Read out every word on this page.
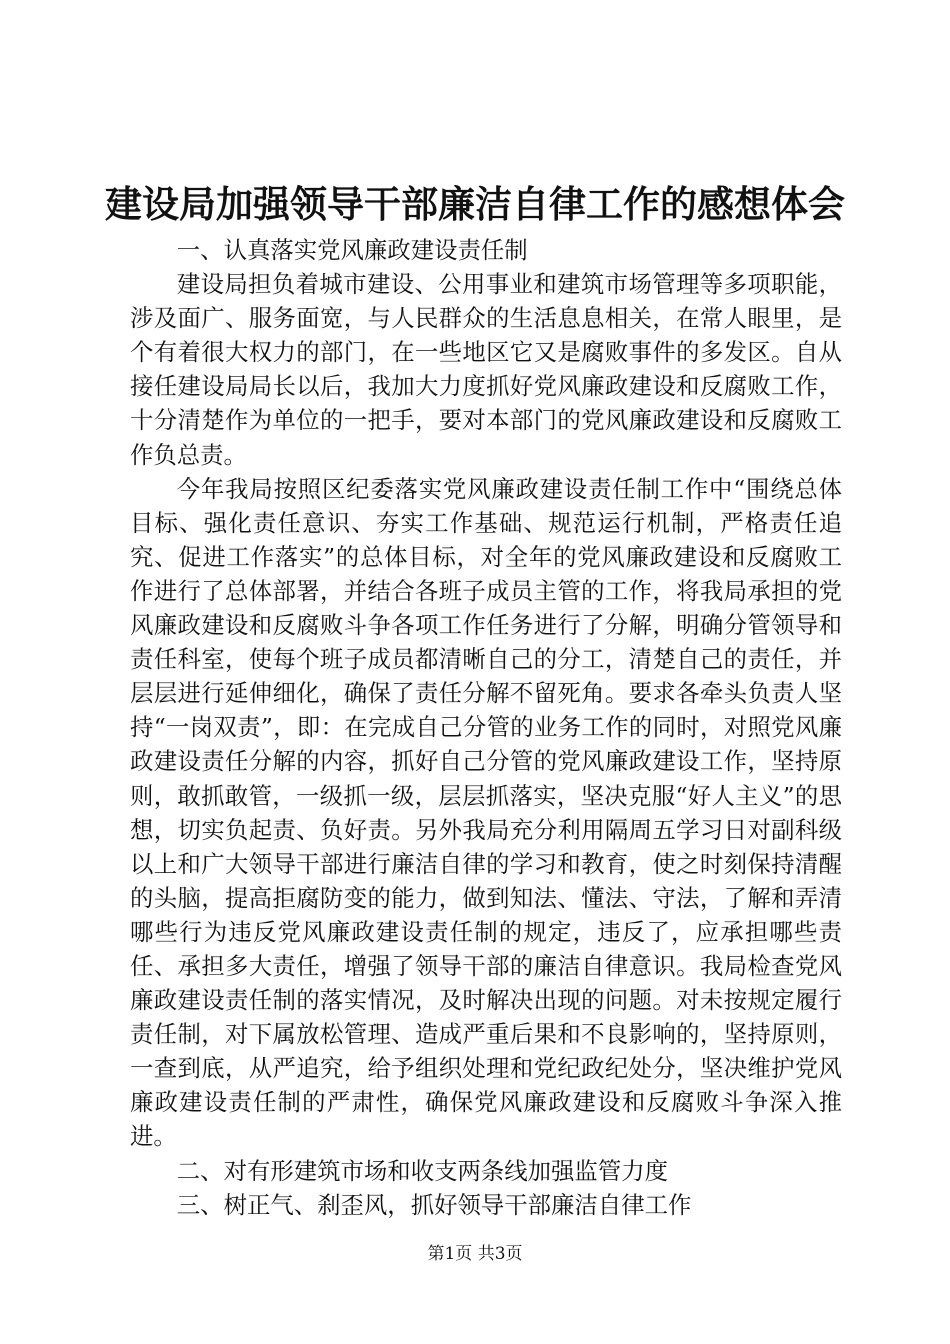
建设局加强领导干部廉洁自律工作的感想体会

一、认真落实党风廉政建设责任制

建设局担负着城市建设、公用事业和建筑市场管理等多项职能，涉及面广、服务面宽，与人民群众的生活息息相关，在常人眼里，是个有着很大权力的部门，在一些地区它又是腐败事件的多发区。自从接任建设局局长以后，我加大力度抓好党风廉政建设和反腐败工作，十分清楚作为单位的一把手，要对本部门的党风廉政建设和反腐败工作负总责。

今年我局按照区纪委落实党风廉政建设责任制工作中“围绕总体目标、强化责任意识、夯实工作基础、规范运行机制，严格责任追究、促进工作落实”的总体目标，对全年的党风廉政建设和反腐败工作进行了总体部署，并结合各班子成员主管的工作，将我局承担的党风廉政建设和反腐败斗争各项工作任务进行了分解，明确分管领导和责任科室，使每个班子成员都清晰自己的分工，清楚自己的责任，并层层进行延伸细化，确保了责任分解不留死角。要求各牵头负责人坚持“一岗双责”，即：在完成自己分管的业务工作的同时，对照党风廉政建设责任分解的内容，抓好自己分管的党风廉政建设工作，坚持原则，敢抓敢管，一级抓一级，层层抓落实，坚决克服“好人主义”的思想，切实负起责、负好责。另外我局充分利用隔周五学习日对副科级以上和广大领导干部进行廉洁自律的学习和教育，使之时刻保持清醒的头脑，提高拒腐防变的能力，做到知法、懂法、守法，了解和弄清哪些行为违反党风廉政建设责任制的规定，违反了，应承担哪些责任、承担多大责任，增强了领导干部的廉洁自律意识。我局检查党风廉政建设责任制的落实情况，及时解决出现的问题。对未按规定履行责任制，对下属放松管理、造成严重后果和不良影响的，坚持原则，一查到底，从严追究，给予组织处理和党纪政纪处分，坚决维护党风廉政建设责任制的严肃性，确保党风廉政建设和反腐败斗争深入推进。

二、对有形建筑市场和收支两条线加强监管力度

三、树正气、刹歪风，抓好领导干部廉洁自律工作

第1页 共3页
